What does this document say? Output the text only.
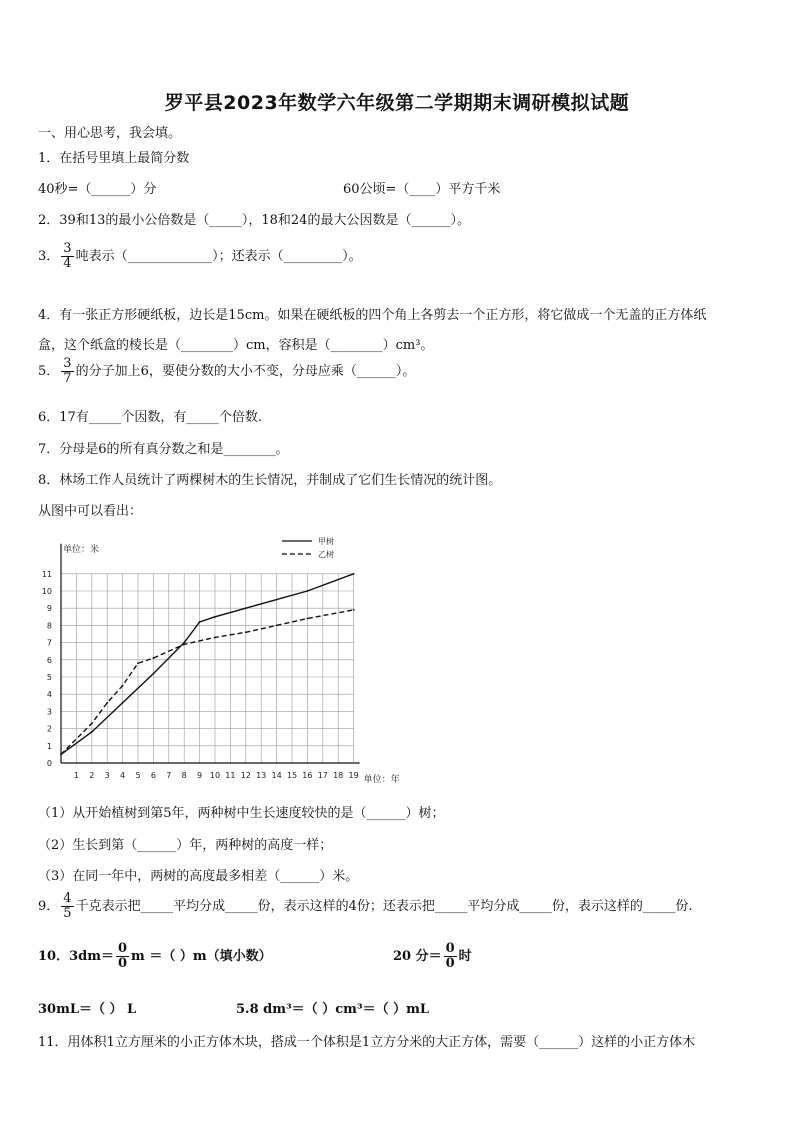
罗平县2023年数学六年级第二学期期末调研模拟试题
一、用心思考，我会填。
1．在括号里填上最简分数
40秒=（______）分	60公顷=（____）平方千米
2．39和13的最小公倍数是（_____），18和24的最大公因数是（______）。
3． $\frac{3}{4}$ 吨表示（_____________）；还表示（_________）。
4．有一张正方形硬纸板，边长是15cm。如果在硬纸板的四个角上各剪去一个正方形，将它做成一个无盖的正方体纸
盒，这个纸盒的棱长是（________）cm，容积是（________）cm³。
5． $\frac{3}{7}$ 的分子加上6，要使分数的大小不变，分母应乘（______）。
6．17有_____个因数，有_____个倍数.
7．分母是6的所有真分数之和是________。
8．林场工作人员统计了两棵树木的生长情况，并制成了它们生长情况的统计图。
从图中可以看出：
1 2 3 4 5 6 7 8 9 10 11 12 13 14 15 16 17 18 19
0
1
2
3
4
5
6
7
8
9
10
11
单位：米
单位：年
甲树
乙树
（1）从开始植树到第5年，两种树中生长速度较快的是（______）树；
（2）生长到第（______）年，两种树的高度一样；
（3）在同一年中，两树的高度最多相差（______）米。
9． $\frac{4}{5}$ 千克表示把_____平均分成_____份，表示这样的4份；还表示把_____平均分成_____份，表示这样的_____份.
10．$3dm= \frac{0}{0}$ m ＝（ ）m（填小数）	20 分＝ $\frac{0}{0}$ 时
30mL＝（ ） L	5.8 dm³＝（ ）cm³＝（ ）mL
11．用体积1立方厘米的小正方体木块，搭成一个体积是1立方分米的大正方体，需要（______）这样的小正方体木
